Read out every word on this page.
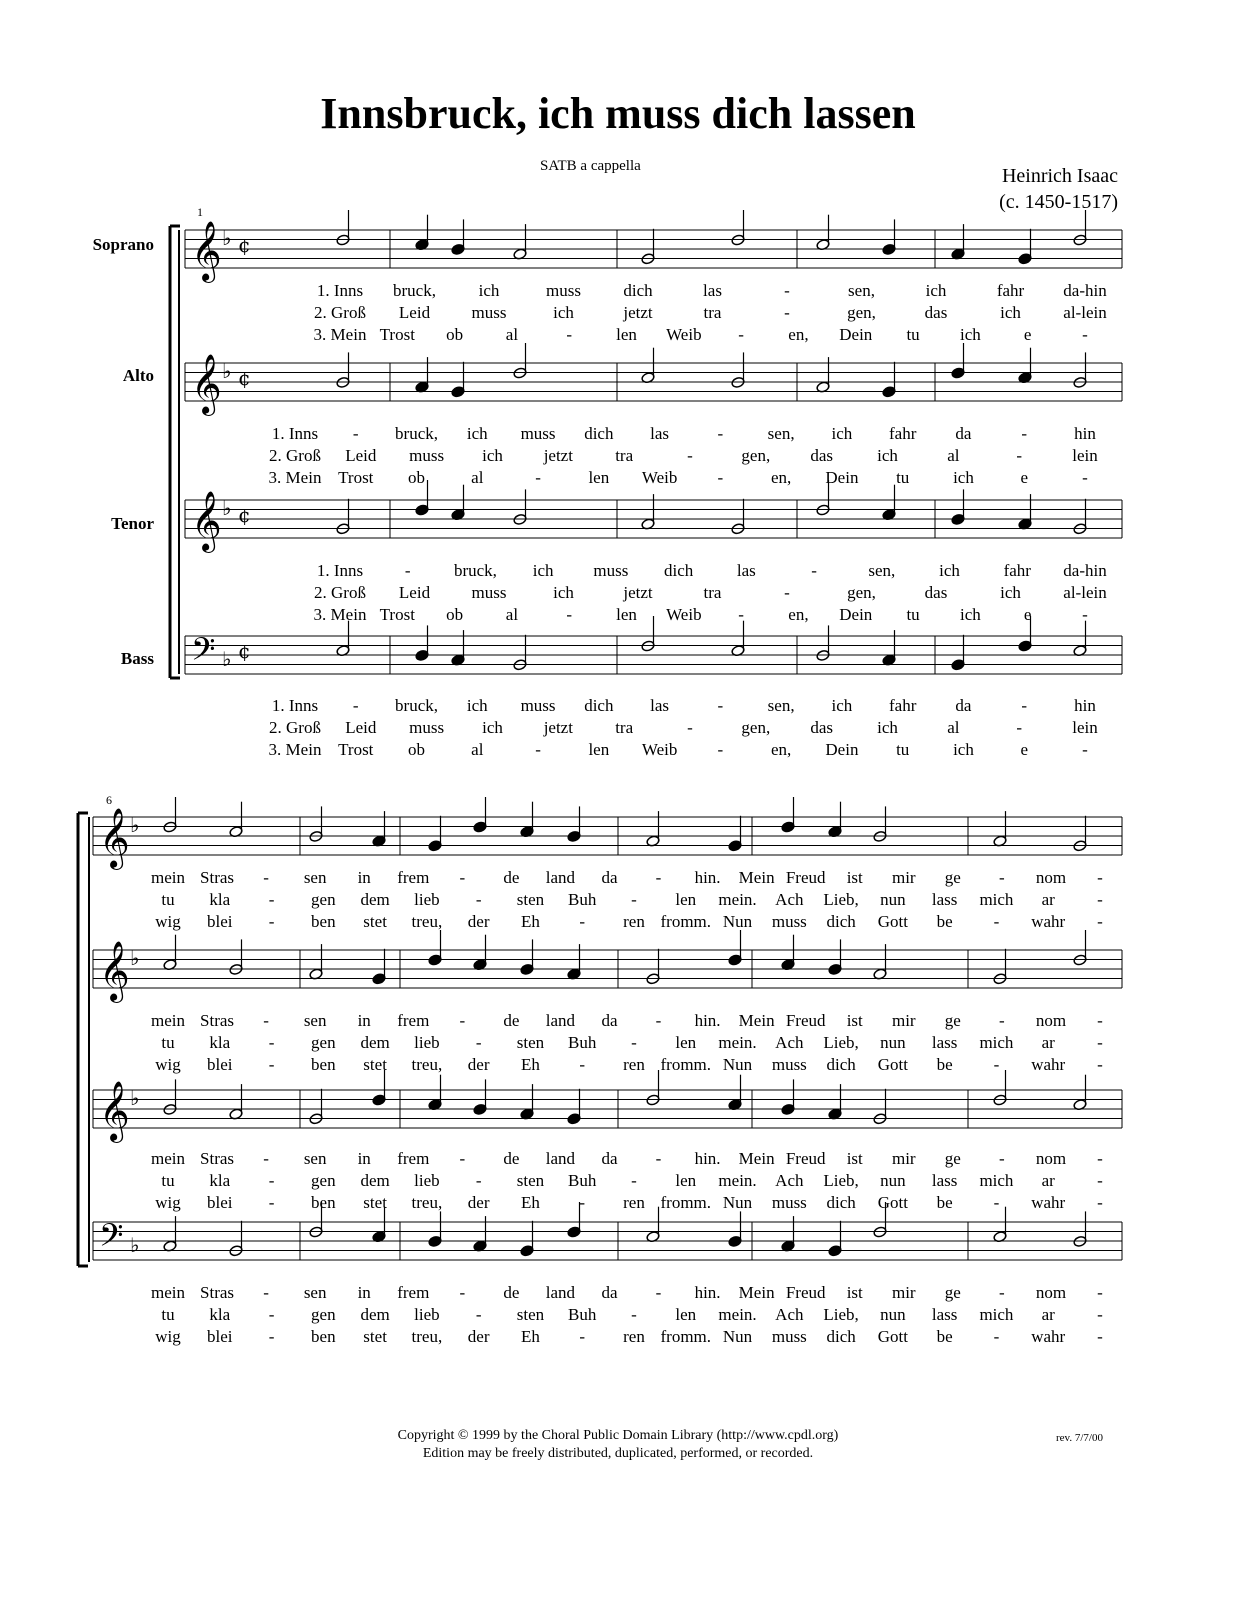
Innsbruck, ich muss dich lassen
SATB a cappella	Heinrich Isaac
(c. 1450-1517)
1
6
Soprano
Alto
Tenor
Bass
𝄞 ♭ ¢
𝄞 ♭ ¢
𝄞 ♭ ¢
𝄢 ♭ ¢
𝄞 ♭
𝄞 ♭
𝄞 ♭
𝄢 ♭
1. Inns bruck,	ich	muss dich	las	-	sen,	ich	fahr da-hin
2. Groß Leid muss	ich	jetzt	tra	-	gen,	das	ich al-lein
3. Mein Trost ob	al	-	len Weib -	en, Dein tu ich	e	-
1. Inns - bruck, ich muss dich las	-	sen, ich fahr da	-	hin
2. Groß Leid muss ich jetzt tra	-	gen, das	ich	al	-	lein
3. Mein Trost ob	al	-	len Weib -	en, Dein tu	ich	e	-
1. Inns -	bruck, ich muss dich	las	-	sen,	ich	fahr da-hin
2. Groß Leid muss	ich	jetzt	tra	-	gen,	das	ich al-lein
3. Mein Trost ob	al	-	len Weib -	en, Dein tu ich	e	-
1. Inns - bruck, ich muss dich las	-	sen, ich fahr da	-	hin
2. Groß Leid muss ich jetzt tra	-	gen, das	ich	al	-	lein
3. Mein Trost ob	al	-	len Weib -	en, Dein tu	ich	e	-
mein Stras - sen in frem - de land da - hin. Mein Freud ist mir ge - nom -
tu kla - gen dem lieb - sten Buh - len mein. Ach Lieb, nun lass mich ar -
wig blei - ben stet treu, der Eh - ren fromm. Nun muss dich Gott be - wahr -
mein Stras - sen in frem - de land da - hin. Mein Freud ist mir ge - nom -
tu kla - gen dem lieb - sten Buh - len mein. Ach Lieb, nun lass mich ar -
wig blei - ben stet treu, der Eh - ren fromm. Nun muss dich Gott be - wahr -
mein Stras - sen in frem - de land da - hin. Mein Freud ist mir ge - nom -
tu kla - gen dem lieb - sten Buh - len mein. Ach Lieb, nun lass mich ar -
wig blei - ben stet treu, der Eh - ren fromm. Nun muss dich Gott be - wahr -
mein Stras - sen in frem - de land da - hin. Mein Freud ist mir ge - nom -
tu kla - gen dem lieb - sten Buh - len mein. Ach Lieb, nun lass mich ar -
wig blei - ben stet treu, der Eh - ren fromm. Nun muss dich Gott be - wahr -
Copyright © 1999 by the Choral Public Domain Library (http://www.cpdl.org)
Edition may be freely distributed, duplicated, performed, or recorded.
rev. 7/7/00
